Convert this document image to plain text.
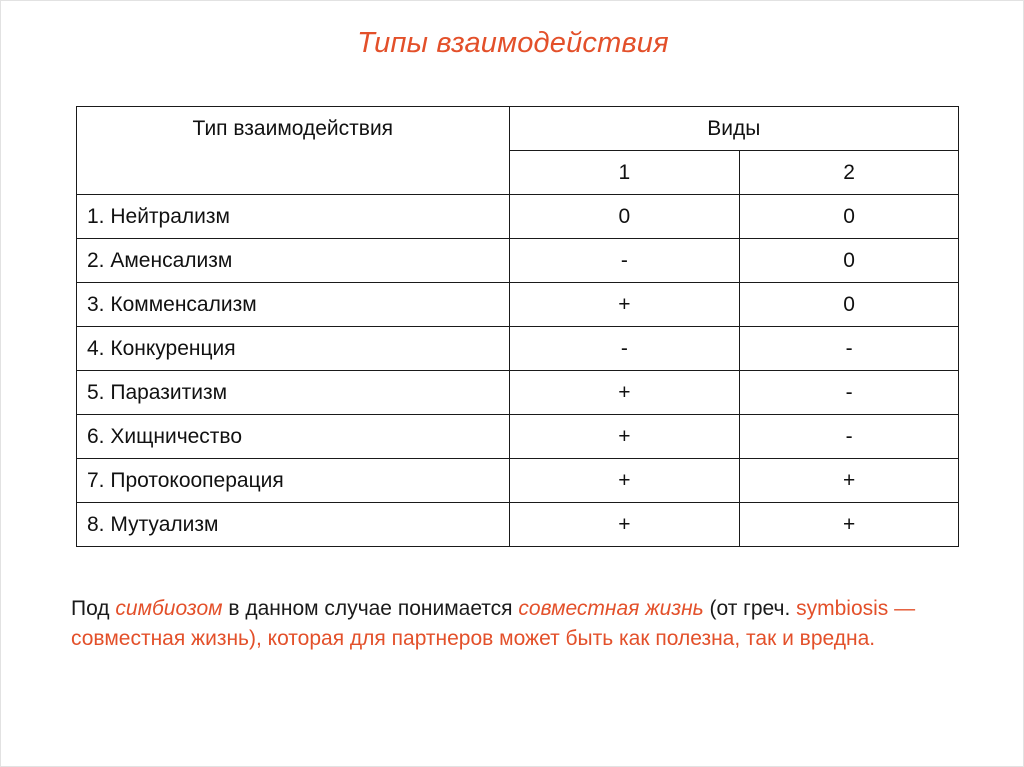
Типы взаимодействия
Тип взаимодействия	Виды	
	1	2
1. Нейтрализм	0	0
2. Аменсализм	-	0
3. Комменсализм	+	0
4. Конкуренция	-	-
5. Паразитизм	+	-
6. Хищничество	+	-
7. Протокооперация	+	+
8. Мутуализм	+	+
Под симбиозом в данном случае понимается совместная жизнь (от греч. symbiosis — совместная жизнь), которая для партнеров может быть как полезна, так и вредна.
